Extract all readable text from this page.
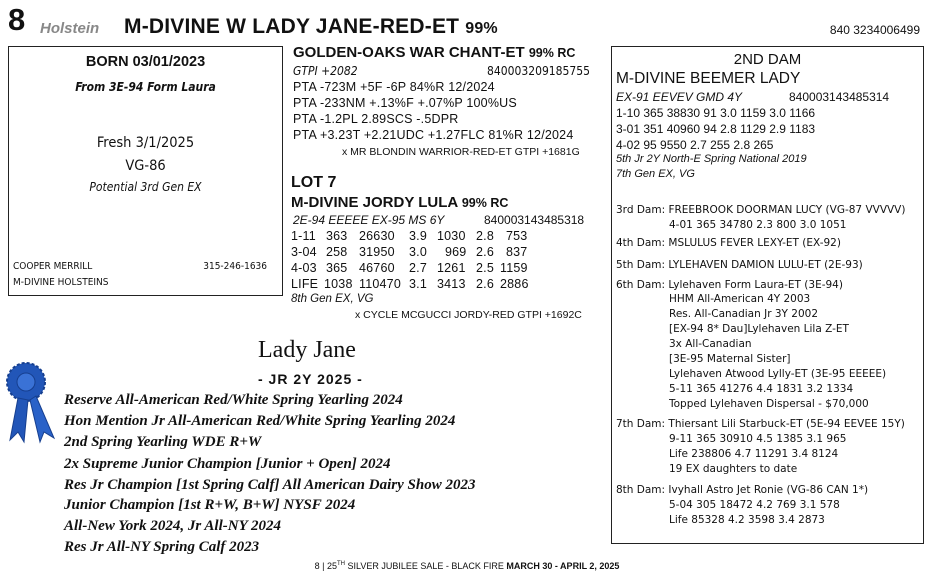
8 Holstein M-DIVINE W LADY JANE-RED-ET 99%	840 3234006499
BORN 03/01/2023
From 3E-94 Form Laura
Fresh 3/1/2025
VG-86
Potential 3rd Gen EX
COOPER MERRILL	315-246-1636
M-DIVINE HOLSTEINS
GOLDEN-OAKS WAR CHANT-ET 99% RC
GTPI +2082	840003209185755
PTA -723M +5F -6P 84%R 12/2024
PTA -233NM +.13%F +.07%P 100%US
PTA -1.2PL 2.89SCS -.5DPR
PTA +3.23T +2.21UDC +1.27FLC 81%R 12/2024
x MR BLONDIN WARRIOR-RED-ET GTPI +1681G
LOT 7
M-DIVINE JORDY LULA 99% RC
2E-94 EEEEE EX-95 MS 6Y	840003143485318
1-11 363 26630 3.9 1030 2.8 753
3-04 258 31950 3.0 969 2.6 837
4-03 365 46760 2.7 1261 2.5 1159
LIFE 1038 110470 3.1 3413 2.6 2886
8th Gen EX, VG
x CYCLE MCGUCCI JORDY-RED GTPI +1692C
Lady Jane
- JR 2Y 2025 -
Reserve All-American Red/White Spring Yearling 2024
Hon Mention Jr All-American Red/White Spring Yearling 2024
2nd Spring Yearling WDE R+W
2x Supreme Junior Champion [Junior + Open] 2024
Res Jr Champion [1st Spring Calf] All American Dairy Show 2023
Junior Champion [1st R+W, B+W] NYSF 2024
All-New York 2024, Jr All-NY 2024
Res Jr All-NY Spring Calf 2023
2ND DAM
M-DIVINE BEEMER LADY
EX-91 EEVEV GMD 4Y	840003143485314
1-10 365 38830 91 3.0 1159 3.0 1166
3-01 351 40960 94 2.8 1129 2.9 1183
4-02 95 9550 2.7 255 2.8 265
5th Jr 2Y North-E Spring National 2019
7th Gen EX, VG
3rd Dam: FREEBROOK DOORMAN LUCY (VG-87 VVVVV)
4-01 365 34780 2.3 800 3.0 1051
4th Dam: MSLULUS FEVER LEXY-ET (EX-92)
5th Dam: LYLEHAVEN DAMION LULU-ET (2E-93)
6th Dam: Lylehaven Form Laura-ET (3E-94)
HHM All-American 4Y 2003
Res. All-Canadian Jr 3Y 2002
[EX-94 8* Dau]Lylehaven Lila Z-ET
3x All-Canadian
[3E-95 Maternal Sister]
Lylehaven Atwood Lylly-ET (3E-95 EEEEE)
5-11 365 41276 4.4 1831 3.2 1334
Topped Lylehaven Dispersal - $70,000
7th Dam: Thiersant Lili Starbuck-ET (5E-94 EEVEE 15Y)
9-11 365 30910 4.5 1385 3.1 965
Life 238806 4.7 11291 3.4 8124
19 EX daughters to date
8th Dam: Ivyhall Astro Jet Ronie (VG-86 CAN 1*)
5-04 305 18472 4.2 769 3.1 578
Life 85328 4.2 3598 3.4 2873
8 | 25TH SILVER JUBILEE SALE - BLACK FIRE MARCH 30 - APRIL 2, 2025
